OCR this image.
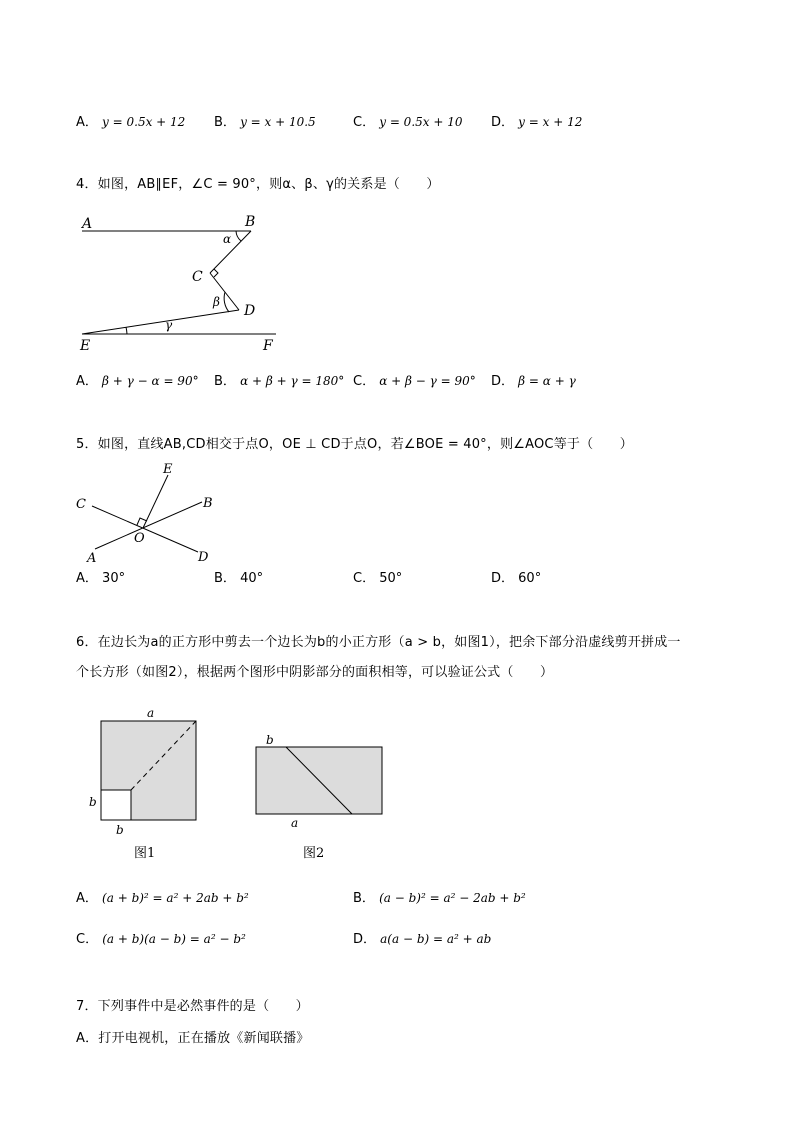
A． y = 0.5x + 12 B． y = x + 10.5	C． y = 0.5x + 10 D． y = x + 12
4．如图，AB∥EF，∠C = 90°，则α、β、γ的关系是（　　）
A	B
C
D
E	F
α
β
γ
A． β + γ − α = 90° B． α + β + γ = 180° C． α + β − γ = 90° D． β = α + γ
5．如图，直线AB,CD相交于点O，OE ⊥ CD于点O，若∠BOE = 40°，则∠AOC等于（　　）
E
C	B
O
A	D
A． 30°	B． 40°	C． 50°	D． 60°
6．在边长为a的正方形中剪去一个边长为b的小正方形（a > b，如图1），把余下部分沿虚线剪开拼成一
个长方形（如图2），根据两个图形中阴影部分的面积相等，可以验证公式（　　）
a
b
b
图1
b
a
图2
A． (a + b)² = a² + 2ab + b²	B． (a − b)² = a² − 2ab + b²
C． (a + b)(a − b) = a² − b²	D． a(a − b) = a² + ab
7．下列事件中是必然事件的是（　　）
A．打开电视机，正在播放《新闻联播》
